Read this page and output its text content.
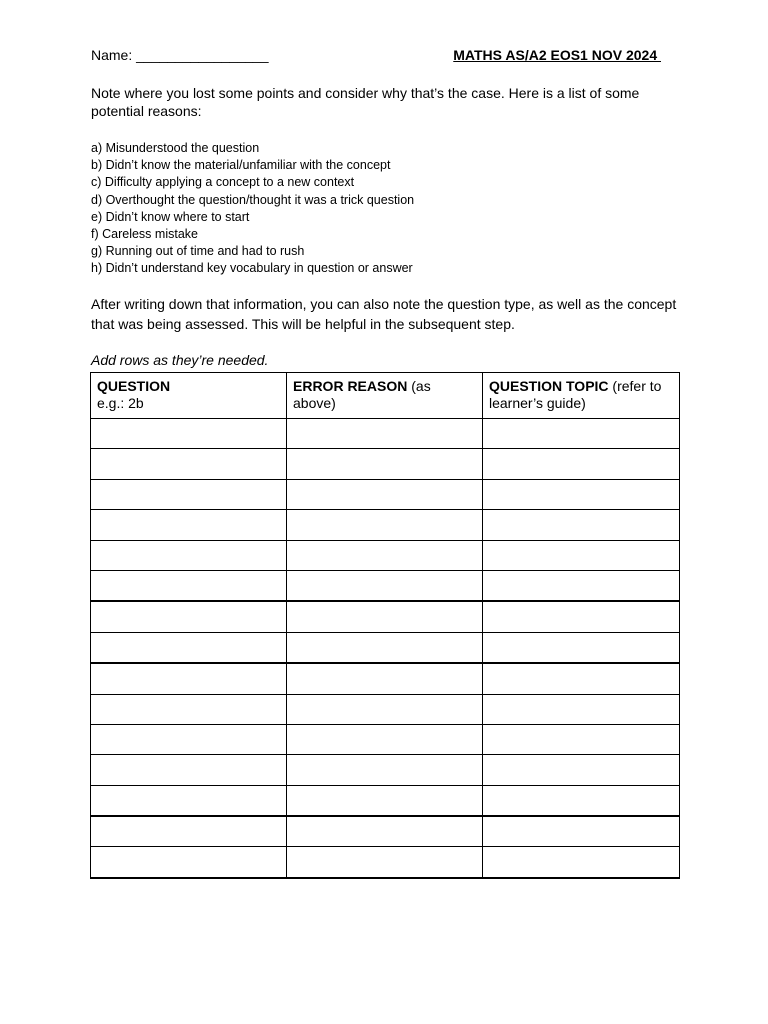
Name: _________________	MATHS AS/A2 EOS1 NOV 2024

Note where you lost some points and consider why that’s the case. Here is a list of some potential reasons:

a) Misunderstood the question
b) Didn’t know the material/unfamiliar with the concept
c) Difficulty applying a concept to a new context
d) Overthought the question/thought it was a trick question
e) Didn’t know where to start
f) Careless mistake
g) Running out of time and had to rush
h) Didn’t understand key vocabulary in question or answer

After writing down that information, you can also note the question type, as well as the concept that was being assessed. This will be helpful in the subsequent step.

Add rows as they’re needed.

QUESTION
e.g.: 2b	ERROR REASON (as above)	QUESTION TOPIC (refer to learner’s guide)
